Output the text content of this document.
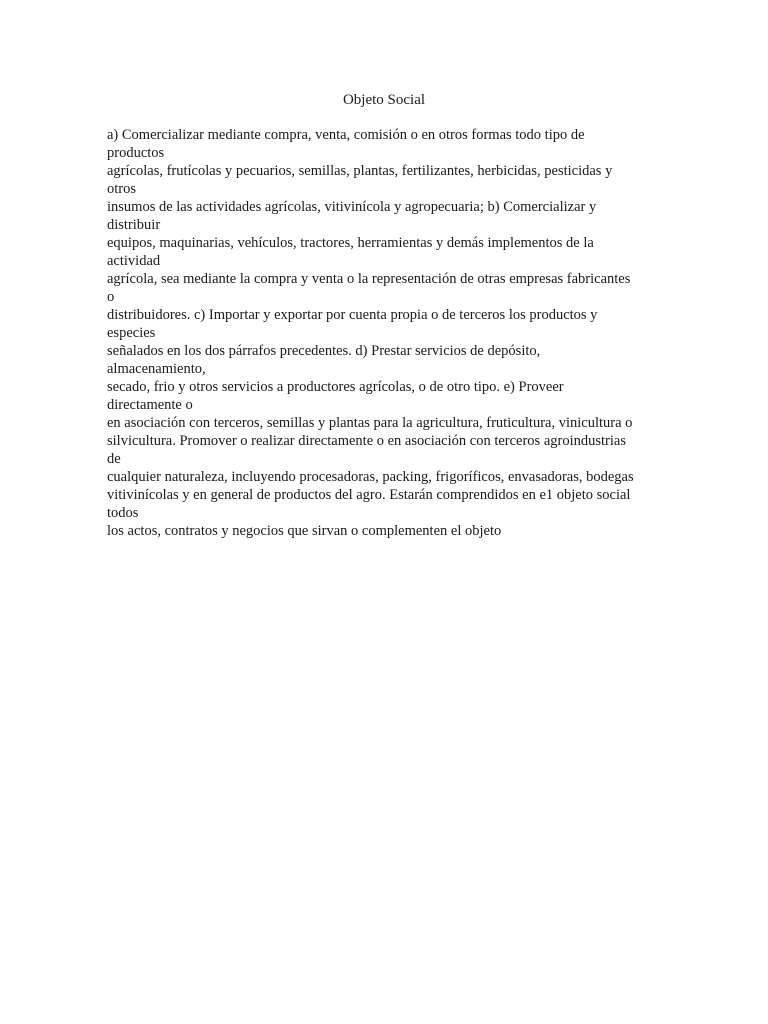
Objeto Social
a) Comercializar mediante compra, venta, comisión o en otros formas todo tipo de
productos
agrícolas, frutícolas y pecuarios, semillas, plantas, fertilizantes, herbicidas, pesticidas y
otros
insumos de las actividades agrícolas, vitivinícola y agropecuaria; b) Comercializar y
distribuir
equipos, maquinarias, vehículos, tractores, herramientas y demás implementos de la
actividad
agrícola, sea mediante la compra y venta o la representación de otras empresas fabricantes
o
distribuidores. c) Importar y exportar por cuenta propia o de terceros los productos y
especies
señalados en los dos párrafos precedentes. d) Prestar servicios de depósito,
almacenamiento,
secado, frio y otros servicios a productores agrícolas, o de otro tipo. e) Proveer
directamente o
en asociación con terceros, semillas y plantas para la agricultura, fruticultura, vinicultura o
silvicultura. Promover o realizar directamente o en asociación con terceros agroindustrias
de
cualquier naturaleza, incluyendo procesadoras, packing, frigoríficos, envasadoras, bodegas
vitivinícolas y en general de productos del agro. Estarán comprendidos en e1 objeto social
todos
los actos, contratos y negocios que sirvan o complementen el objeto
